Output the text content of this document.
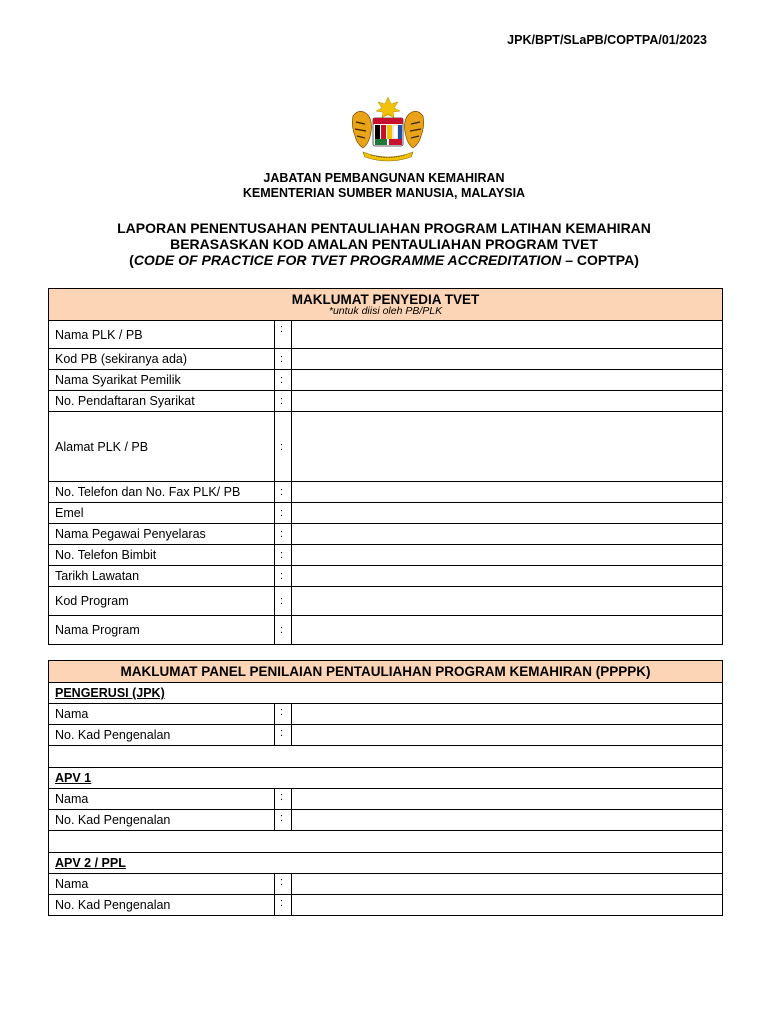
JPK/BPT/SLaPB/COPTPA/01/2023
JABATAN PEMBANGUNAN KEMAHIRAN
KEMENTERIAN SUMBER MANUSIA, MALAYSIA
LAPORAN PENENTUSAHAN PENTAULIAHAN PROGRAM LATIHAN KEMAHIRAN
BERASASKAN KOD AMALAN PENTAULIAHAN PROGRAM TVET
(CODE OF PRACTICE FOR TVET PROGRAMME ACCREDITATION – COPTPA)
MAKLUMAT PENYEDIA TVET
*untuk diisi oleh PB/PLK		

Nama PLK / PB	:	
Kod PB (sekiranya ada)	:	
Nama Syarikat Pemilik	:	
No. Pendaftaran Syarikat	:	
Alamat PLK / PB	:	
No. Telefon dan No. Fax PLK/ PB	:	
Emel	:	
Nama Pegawai Penyelaras	:	
No. Telefon Bimbit	:	
Tarikh Lawatan	:	
Kod Program	:	
Nama Program	:	
MAKLUMAT PANEL PENILAIAN PENTAULIAHAN PROGRAM KEMAHIRAN (PPPPK)		

PENGERUSI (JPK)		
Nama	:	
No. Kad Pengenalan	:	

APV 1		
Nama	:	
No. Kad Pengenalan	:	

APV 2 / PPL		
Nama	:	
No. Kad Pengenalan	:	
